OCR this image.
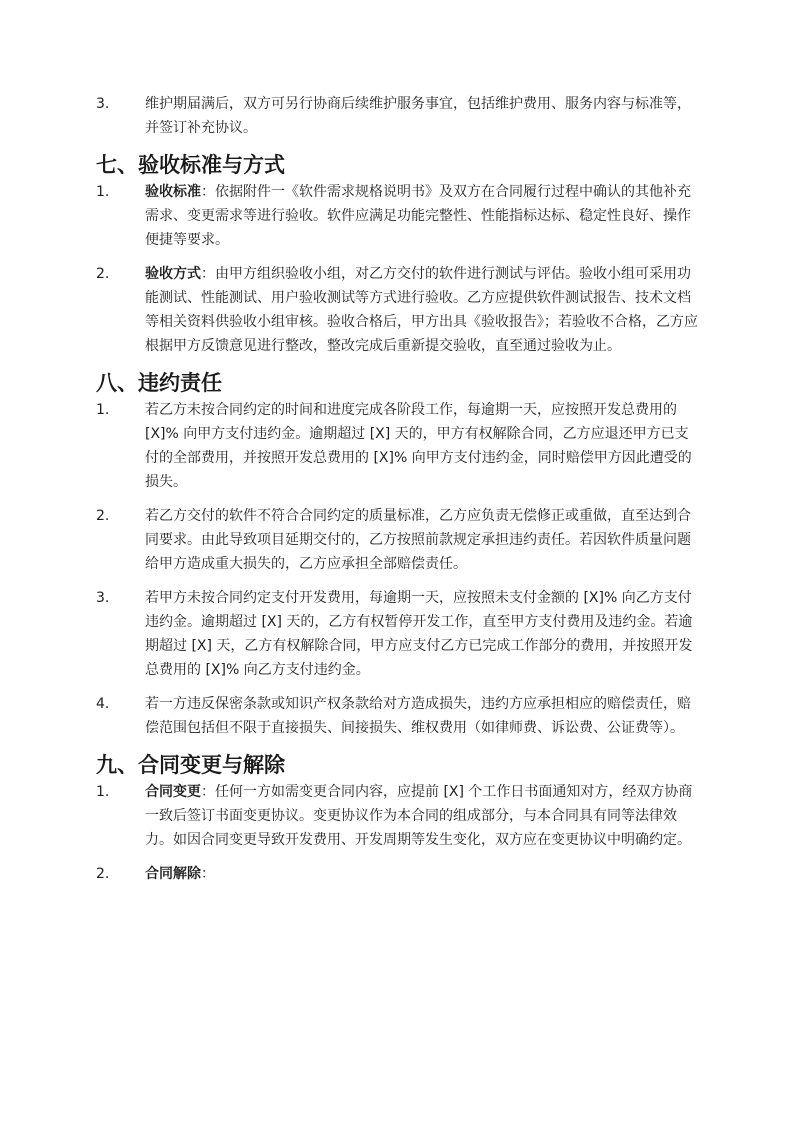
3.	维护期届满后，双方可另行协商后续维护服务事宜，包括维护费用、服务内容与标准等，并签订补充协议。
七、验收标准与方式
1.	验收标准：依据附件一《软件需求规格说明书》及双方在合同履行过程中确认的其他补充需求、变更需求等进行验收。软件应满足功能完整性、性能指标达标、稳定性良好、操作便捷等要求。
2.	验收方式：由甲方组织验收小组，对乙方交付的软件进行测试与评估。验收小组可采用功能测试、性能测试、用户验收测试等方式进行验收。乙方应提供软件测试报告、技术文档等相关资料供验收小组审核。验收合格后，甲方出具《验收报告》；若验收不合格，乙方应根据甲方反馈意见进行整改，整改完成后重新提交验收，直至通过验收为止。
八、违约责任
1.	若乙方未按合同约定的时间和进度完成各阶段工作，每逾期一天，应按照开发总费用的 [X]% 向甲方支付违约金。逾期超过 [X] 天的，甲方有权解除合同，乙方应退还甲方已支付的全部费用，并按照开发总费用的 [X]% 向甲方支付违约金，同时赔偿甲方因此遭受的损失。
2.	若乙方交付的软件不符合合同约定的质量标准，乙方应负责无偿修正或重做，直至达到合同要求。由此导致项目延期交付的，乙方按照前款规定承担违约责任。若因软件质量问题给甲方造成重大损失的，乙方应承担全部赔偿责任。
3.	若甲方未按合同约定支付开发费用，每逾期一天，应按照未支付金额的 [X]% 向乙方支付违约金。逾期超过 [X] 天的，乙方有权暂停开发工作，直至甲方支付费用及违约金。若逾期超过 [X] 天，乙方有权解除合同，甲方应支付乙方已完成工作部分的费用，并按照开发总费用的 [X]% 向乙方支付违约金。
4.	若一方违反保密条款或知识产权条款给对方造成损失，违约方应承担相应的赔偿责任，赔偿范围包括但不限于直接损失、间接损失、维权费用（如律师费、诉讼费、公证费等）。
九、合同变更与解除
1.	合同变更：任何一方如需变更合同内容，应提前 [X] 个工作日书面通知对方，经双方协商一致后签订书面变更协议。变更协议作为本合同的组成部分，与本合同具有同等法律效力。如因合同变更导致开发费用、开发周期等发生变化，双方应在变更协议中明确约定。
2.	合同解除：
